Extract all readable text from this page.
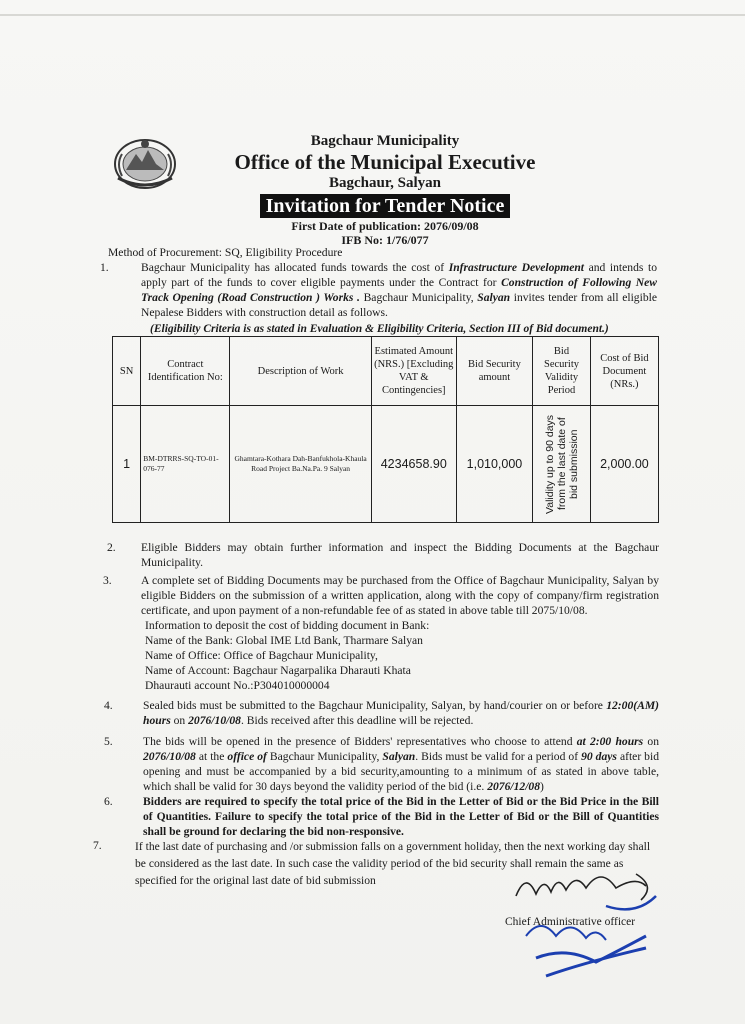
Bagchaur Municipality
Office of the Municipal Executive
Bagchaur, Salyan
Invitation for Tender Notice
First Date of publication: 2076/09/08
IFB No: 1/76/077
Method of Procurement: SQ, Eligibility Procedure
1.	Bagchaur Municipality has allocated funds towards the cost of Infrastructure Development and intends to apply part of the funds to cover eligible payments under the Contract for Construction of Following New Track Opening (Road Construction ) Works . Bagchaur Municipality, Salyan invites tender from all eligible Nepalese Bidders with construction detail as follows.
(Eligibility Criteria is as stated in Evaluation & Eligibility Criteria, Section III of Bid document.)
SN	Contract Identification No:	Description of Work	Estimated Amount (NRS.) [Excluding VAT & Contingencies]	Bid Security amount	Bid Security Validity Period	Cost of Bid Document (NRs.)
1	BM-DTRRS-SQ-TO-01-076-77	Ghamtara-Kothara Dah-Banfukhola-Khaula Road Project Ba.Na.Pa. 9 Salyan	4234658.90	1,010,000	Validity up to 90 days from the last date of bid submission	2,000.00
2. Eligible Bidders may obtain further information and inspect the Bidding Documents at the Bagchaur Municipality.
3.	A complete set of Bidding Documents may be purchased from the Office of Bagchaur Municipality, Salyan by eligible Bidders on the submission of a written application, along with the copy of company/firm registration certificate, and upon payment of a non-refundable fee of as stated in above table till 2075/10/08.
Information to deposit the cost of bidding document in Bank:
Name of the Bank: Global IME Ltd Bank, Tharmare Salyan
Name of Office: Office of Bagchaur Municipality,
Name of Account: Bagchaur Nagarpalika Dharauti Khata
Dhaurauti account No.:P304010000004
4.	Sealed bids must be submitted to the Bagchaur Municipality, Salyan, by hand/courier on or before 12:00(AM) hours on 2076/10/08. Bids received after this deadline will be rejected.
5.	The bids will be opened in the presence of Bidders' representatives who choose to attend at 2:00 hours on 2076/10/08 at the office of Bagchaur Municipality, Salyan. Bids must be valid for a period of 90 days after bid opening and must be accompanied by a bid security,amounting to a minimum of as stated in above table, which shall be valid for 30 days beyond the validity period of the bid (i.e. 2076/12/08)
6.	Bidders are required to specify the total price of the Bid in the Letter of Bid or the Bid Price in the Bill of Quantities. Failure to specify the total price of the Bid in the Letter of Bid or the Bill of Quantities shall be ground for declaring the bid non-responsive.
7.	If the last date of purchasing and /or submission falls on a government holiday, then the next working day shall be considered as the last date. In such case the validity period of the bid security shall remain the same as specified for the original last date of bid submission
Chief Administrative officer
